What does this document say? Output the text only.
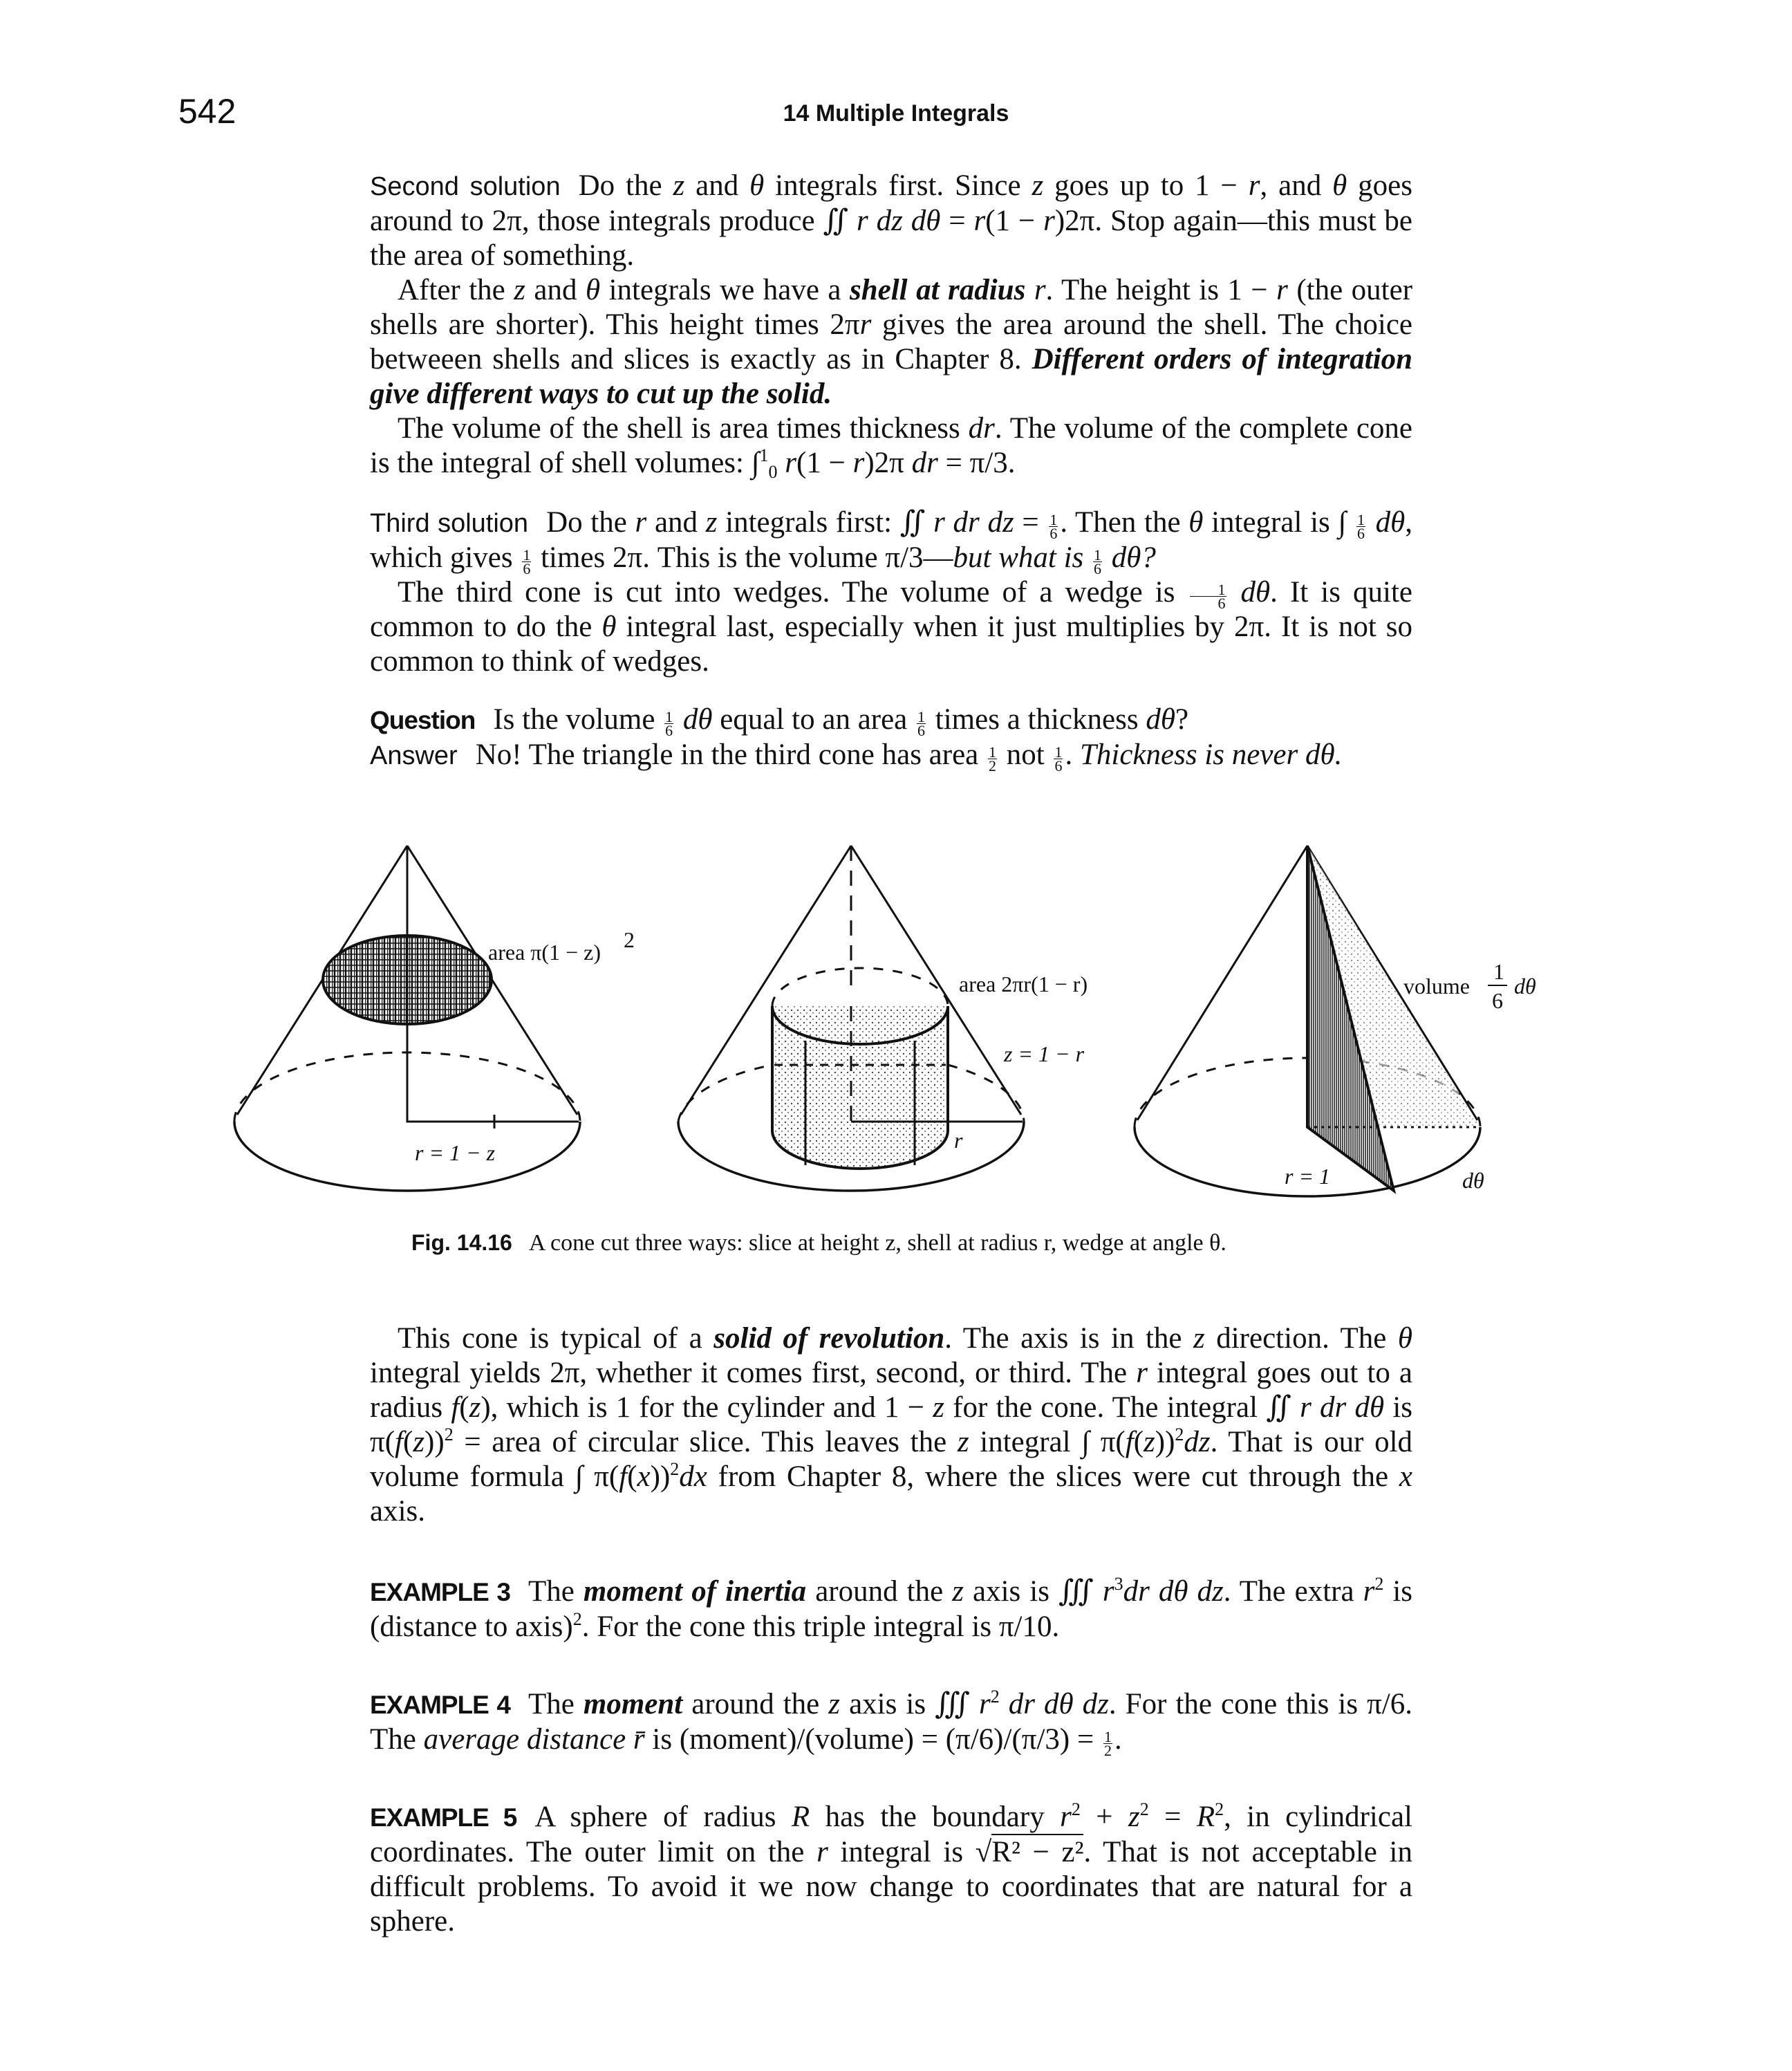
542	14 Multiple Integrals

Second solution Do the z and θ integrals first. Since z goes up to 1 − r, and θ goes around to 2π, those integrals produce ∬ r dz dθ = r(1 − r)2π. Stop again—this must be the area of something.

After the z and θ integrals we have a shell at radius r. The height is 1 − r (the outer shells are shorter). This height times 2πr gives the area around the shell. The choice betweeen shells and slices is exactly as in Chapter 8. Different orders of integration give different ways to cut up the solid.

The volume of the shell is area times thickness dr. The volume of the complete cone is the integral of shell volumes: ∫$^1_0$ r(1 − r)2π dr = π/3.

Third solution Do the r and z integrals first: ∬ r dr dz = $\frac{1}{6}$ . Then the θ integral is ∫ $\frac{1}{6} d\theta$, which gives $\frac{1}{6}$ times 2π. This is the volume π/3—but what is $\frac{1}{6} d\theta$?

The third cone is cut into wedges. The volume of a wedge is $\frac{1}{6} d\theta$. It is quite common to do the θ integral last, especially when it just multiplies by 2π. It is not so common to think of wedges.

Question Is the volume $\frac{1}{6}$ dθ equal to an area $\frac{1}{6}$ times a thickness dθ?

Answer No! The triangle in the third cone has area $\frac{1}{2}$ not $\frac{1}{6}$ . Thickness is never dθ.

area π(1 − z) 2
r = 1 − z
area 2πr(1 − r)
z = 1 − r
r
volume
1
6
dθ
r = 1	dθ
Fig. 14.16 A cone cut three ways: slice at height z, shell at radius r, wedge at angle θ.

This cone is typical of a solid of revolution. The axis is in the z direction. The θ integral yields 2π, whether it comes first, second, or third. The r integral goes out to a radius f(z), which is 1 for the cylinder and 1 − z for the cone. The integral ∬ r dr dθ is $\pi(f(z))^2$ = area of circular slice. This leaves the z integral ∫ $\pi(f(z))^2dz$. That is our old volume formula ∫ $\pi(f(x))^2dx$ from Chapter 8, where the slices were cut through the x axis.

EXAMPLE 3 The moment of inertia around the z axis is ∭ $r^3dr$ dθ dz. The extra $r^2$ is (distance to axis)$^2$. For the cone this triple integral is π/10.

EXAMPLE 4 The moment around the z axis is ∭ $r^2$ dr dθ dz. For the cone this is π/6. The average distance r̄ is (moment)/(volume) = $(\pi/6)/(\pi/3) = \frac{1}{2}$ .

EXAMPLE 5 A sphere of radius R has the boundary $r^2 + z^2 = R^2$, in cylindrical coordinates. The outer limit on the r integral is √R² − z². That is not acceptable in difficult problems. To avoid it we now change to coordinates that are natural for a sphere.
